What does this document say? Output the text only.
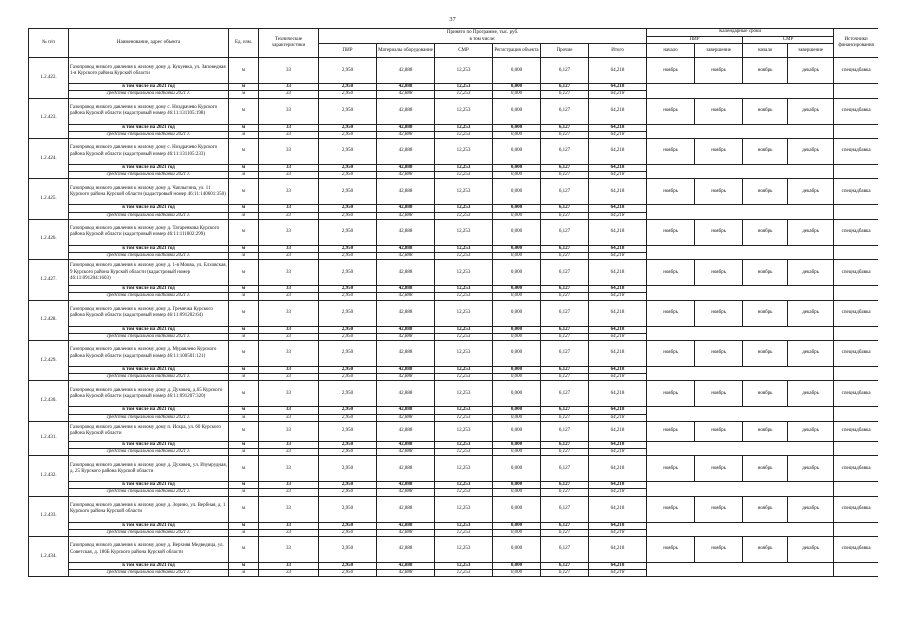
37
№ п/п	Наименование, адрес объекта	Ед. изм.	Технические характеристики	Принято по Программе, тыс. руб.						Календарные сроки				Источники финансирования
				в том числе:						ПИР		СМР		
				ПИР	Материалы оборудование	СМР	Регистрация объекта	Прочие	Итого	начало	завершение	начало	завершение	
1.2.422.	Газопровод низкого давления к жилому дому д. Кукуевка, ул. Заповедная 1-я Курского района Курской области	м	33	2,950	42,888	12,253	0,000	6,127	64,218	ноябрь	ноябрь	ноябрь	декабрь	спецнадбавка
	в том числе на 2021 год	м	33	2,950	42,888	12,253	0,000	6,127	64,218					
	средства специальной надбавки 2021 г.	м	33	2,950	42,888	12,253	0,000	6,127	64,218					
1.2.423.	Газопровод низкого давления к жилому дому с. Ноздрачево Курского района Курской области (кадастровый номер 46:11:131105:198)	м	33	2,950	42,888	12,253	0,000	6,127	64,218	ноябрь	ноябрь	ноябрь	декабрь	спецнадбавка
	в том числе на 2021 год	м	33	2,950	42,888	12,253	0,000	6,127	64,218					
	средства специальной надбавки 2021 г.	м	33	2,950	42,888	12,253	0,000	6,127	64,218					
1.2.424.	Газопровод низкого давления к жилому дому с. Ноздрачево Курского района Курской области (кадастровый номер 46:11:131105:233)	м	33	2,950	42,888	12,253	0,000	6,127	64,218	ноябрь	ноябрь	ноябрь	декабрь	спецнадбавка
	в том числе на 2021 год	м	33	2,950	42,888	12,253	0,000	6,127	64,218					
	средства специальной надбавки 2021 г.	м	33	2,950	42,888	12,253	0,000	6,127	64,218					
1.2.425.	Газопровод низкого давления к жилому дому д. Чаплыгина, ул. 11 Курского района Курской области (кадастровый номер 46:11:140601:350)	м	33	2,950	42,888	12,253	0,000	6,127	64,218	ноябрь	ноябрь	ноябрь	декабрь	спецнадбавка
	в том числе на 2021 год	м	33	2,950	42,888	12,253	0,000	6,127	64,218					
	средства специальной надбавки 2021 г.	м	33	2,950	42,888	12,253	0,000	6,127	64,218					
1.2.426.	Газопровод низкого давления к жилому дому д. Татаренкова Курского района Курской области (кадастровый номер 46:11:111802:299)	м	33	2,950	42,888	12,253	0,000	6,127	64,218	ноябрь	ноябрь	ноябрь	декабрь	спецнадбавка
	в том числе на 2021 год	м	33	2,950	42,888	12,253	0,000	6,127	64,218					
	средства специальной надбавки 2021 г.	м	33	2,950	42,888	12,253	0,000	6,127	64,218					
1.2.427.	Газопровод низкого давления к жилому дому д. 1-я Моква, ул. Елховская, 9 Курского района Курской области (кадастровый номер 46:11:091204:1603)	м	33	2,950	42,888	12,253	0,000	6,127	64,218	ноябрь	ноябрь	ноябрь	декабрь	спецнадбавка
	в том числе на 2021 год	м	33	2,950	42,888	12,253	0,000	6,127	64,218					
	средства специальной надбавки 2021 г.	м	33	2,950	42,888	12,253	0,000	6,127	64,218					
1.2.428.	Газопровод низкого давления к жилому дому д. Гремячка Курского района Курской области (кадастровый номер 46:11:091202:64)	м	33	2,950	42,888	12,253	0,000	6,127	64,218	ноябрь	ноябрь	ноябрь	декабрь	спецнадбавка
	в том числе на 2021 год	м	33	2,950	42,888	12,253	0,000	6,127	64,218					
	средства специальной надбавки 2021 г.	м	33	2,950	42,888	12,253	0,000	6,127	64,218					
1.2.429.	Газопровод низкого давления к жилому дому д. Муравлево Курского района Курской области (кадастровый номер 46:11:100501:121)	м	33	2,950	42,888	12,253	0,000	6,127	64,218	ноябрь	ноябрь	ноябрь	декабрь	спецнадбавка
	в том числе на 2021 год	м	33	2,950	42,888	12,253	0,000	6,127	64,218					
	средства специальной надбавки 2021 г.	м	33	2,950	42,888	12,253	0,000	6,127	64,218					
1.2.430.	Газопровод низкого давления к жилому дому д. Духовец, д.65 Курского района Курской области (кадастровый номер 46:11:091207:320)	м	33	2,950	42,888	12,253	0,000	6,127	64,218	ноябрь	ноябрь	ноябрь	декабрь	спецнадбавка
	в том числе на 2021 год	м	33	2,950	42,888	12,253	0,000	6,127	64,218					
	средства специальной надбавки 2021 г.	м	33	2,950	42,888	12,253	0,000	6,127	64,218					
1.2.431.	Газопровод низкого давления к жилому дому п. Искра, ул. 60 Курского района Курской области	м	33	2,950	42,888	12,253	0,000	6,127	64,218	ноябрь	ноябрь	ноябрь	декабрь	спецнадбавка
	в том числе на 2021 год	м	33	2,950	42,888	12,253	0,000	6,127	64,218					
	средства специальной надбавки 2021 г.	м	33	2,950	42,888	12,253	0,000	6,127	64,218					
1.2.432.	Газопровод низкого давления к жилому дому д. Духовец, ул. Изумрудная, д. 25 Курского района Курской области	м	33	2,950	42,888	12,253	0,000	6,127	64,218	ноябрь	ноябрь	ноябрь	декабрь	спецнадбавка
	в том числе на 2021 год	м	33	2,950	42,888	12,253	0,000	6,127	64,218					
	средства специальной надбавки 2021 г.	м	33	2,950	42,888	12,253	0,000	6,127	64,218					
1.2.433.	Газопровод низкого давления к жилому дому д. Зорино, ул. Вербная, д. 1 Курского района Курской области	м	33	2,950	42,888	12,253	0,000	6,127	64,218	ноябрь	ноябрь	ноябрь	декабрь	спецнадбавка
	в том числе на 2021 год	м	33	2,950	42,888	12,253	0,000	6,127	64,218					
	средства специальной надбавки 2021 г.	м	33	2,950	42,888	12,253	0,000	6,127	64,218					
1.2.434.	Газопровод низкого давления к жилому дому д. Верхняя Медведица, ул. Советская, д. 186Б Курского района Курской области	м	33	2,950	42,888	12,253	0,000	6,127	64,218	ноябрь	ноябрь	ноябрь	декабрь	спецнадбавка
	в том числе на 2021 год	м	33	2,950	42,888	12,253	0,000	6,127	64,218					
	средства специальной надбавки 2021 г.	м	33	2,950	42,888	12,253	0,000	6,127	64,218					
